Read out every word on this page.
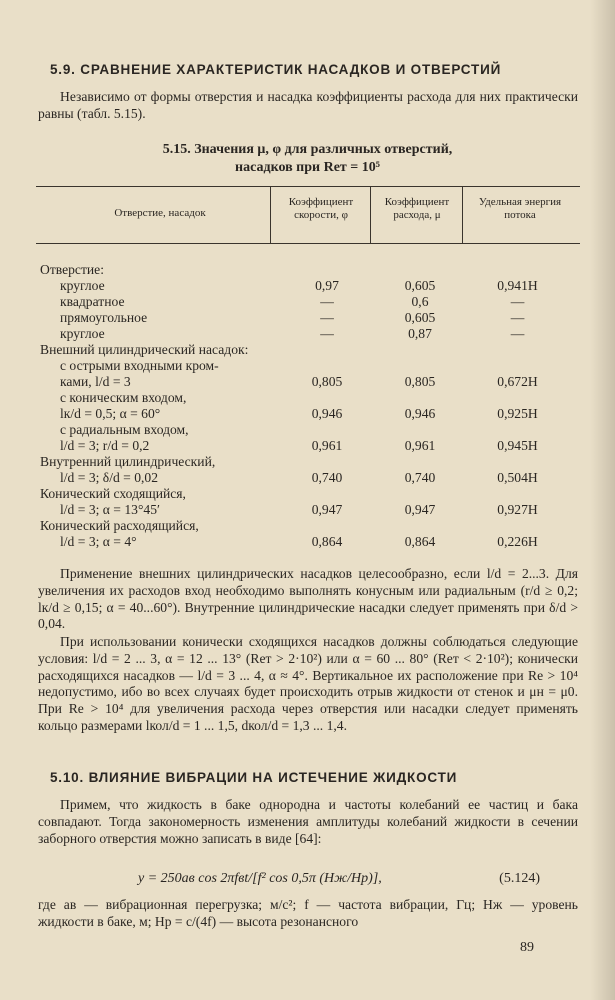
5.9. СРАВНЕНИЕ ХАРАКТЕРИСТИК НАСАДКОВ И ОТВЕРСТИЙ
Независимо от формы отверстия и насадка коэффициенты расхода для них практически равны (табл. 5.15).
5.15. Значения μ, φ для различных отверстий,
насадков при Reт = 10⁵
Отверстие, насадок
Коэффициент скорости, φ
Коэффициент расхода, μ
Удельная энергия потока
Отверстие:
круглое	0,97	0,605	0,941H
квадратное	—	0,6	—
прямоугольное	—	0,605	—
круглое	—	0,87	—
Внешний цилиндрический насадок:
с острыми входными кром-
ками, l/d = 3	0,805	0,805	0,672H
с коническим входом,
lк/d = 0,5; α = 60°	0,946	0,946	0,925H
с радиальным входом,
l/d = 3; r/d = 0,2	0,961	0,961	0,945H
Внутренний цилиндрический,
l/d = 3; δ/d = 0,02	0,740	0,740	0,504H
Конический сходящийся,
l/d = 3; α = 13°45′	0,947	0,947	0,927H
Конический расходящийся,
l/d = 3; α = 4°	0,864	0,864	0,226H
Применение внешних цилиндрических насадков целесообразно, если l/d = 2...3. Для увеличения их расходов вход необходимо выполнять конусным или радиальным (r/d ≥ 0,2; lк/d ≥ 0,15; α = 40...60°). Внутренние цилиндрические насадки следует применять при δ/d > 0,04.
При использовании конически сходящихся насадков должны соблюдаться следующие условия: l/d = 2 ... 3, α = 12 ... 13° (Reт > 2·10²) или α = 60 ... 80° (Reт < 2·10²); конически расходящихся насадков — l/d = 3 ... 4, α ≈ 4°. Вертикальное их расположение при Re > 10⁴ недопустимо, ибо во всех случаях будет происходить отрыв жидкости от стенок и μн = μ0. При Re > 10⁴ для увеличения расхода через отверстия или насадки следует применять кольцо размерами lкол/d = 1 ... 1,5, dкол/d = 1,3 ... 1,4.
5.10. ВЛИЯНИЕ ВИБРАЦИИ НА ИСТЕЧЕНИЕ ЖИДКОСТИ
Примем, что жидкость в баке однородна и частоты колебаний ее частиц и бака совпадают. Тогда закономерность изменения амплитуды колебаний жидкости в сечении заборного отверстия можно записать в виде [64]:
y = 250aв cos 2πfвt/[f² cos 0,5π (Hж/Hр)],	(5.124)
где aв — вибрационная перегрузка; м/с²; f — частота вибрации, Гц; Hж — уровень жидкости в баке, м; Hр = c/(4f) — высота резонансного
89
